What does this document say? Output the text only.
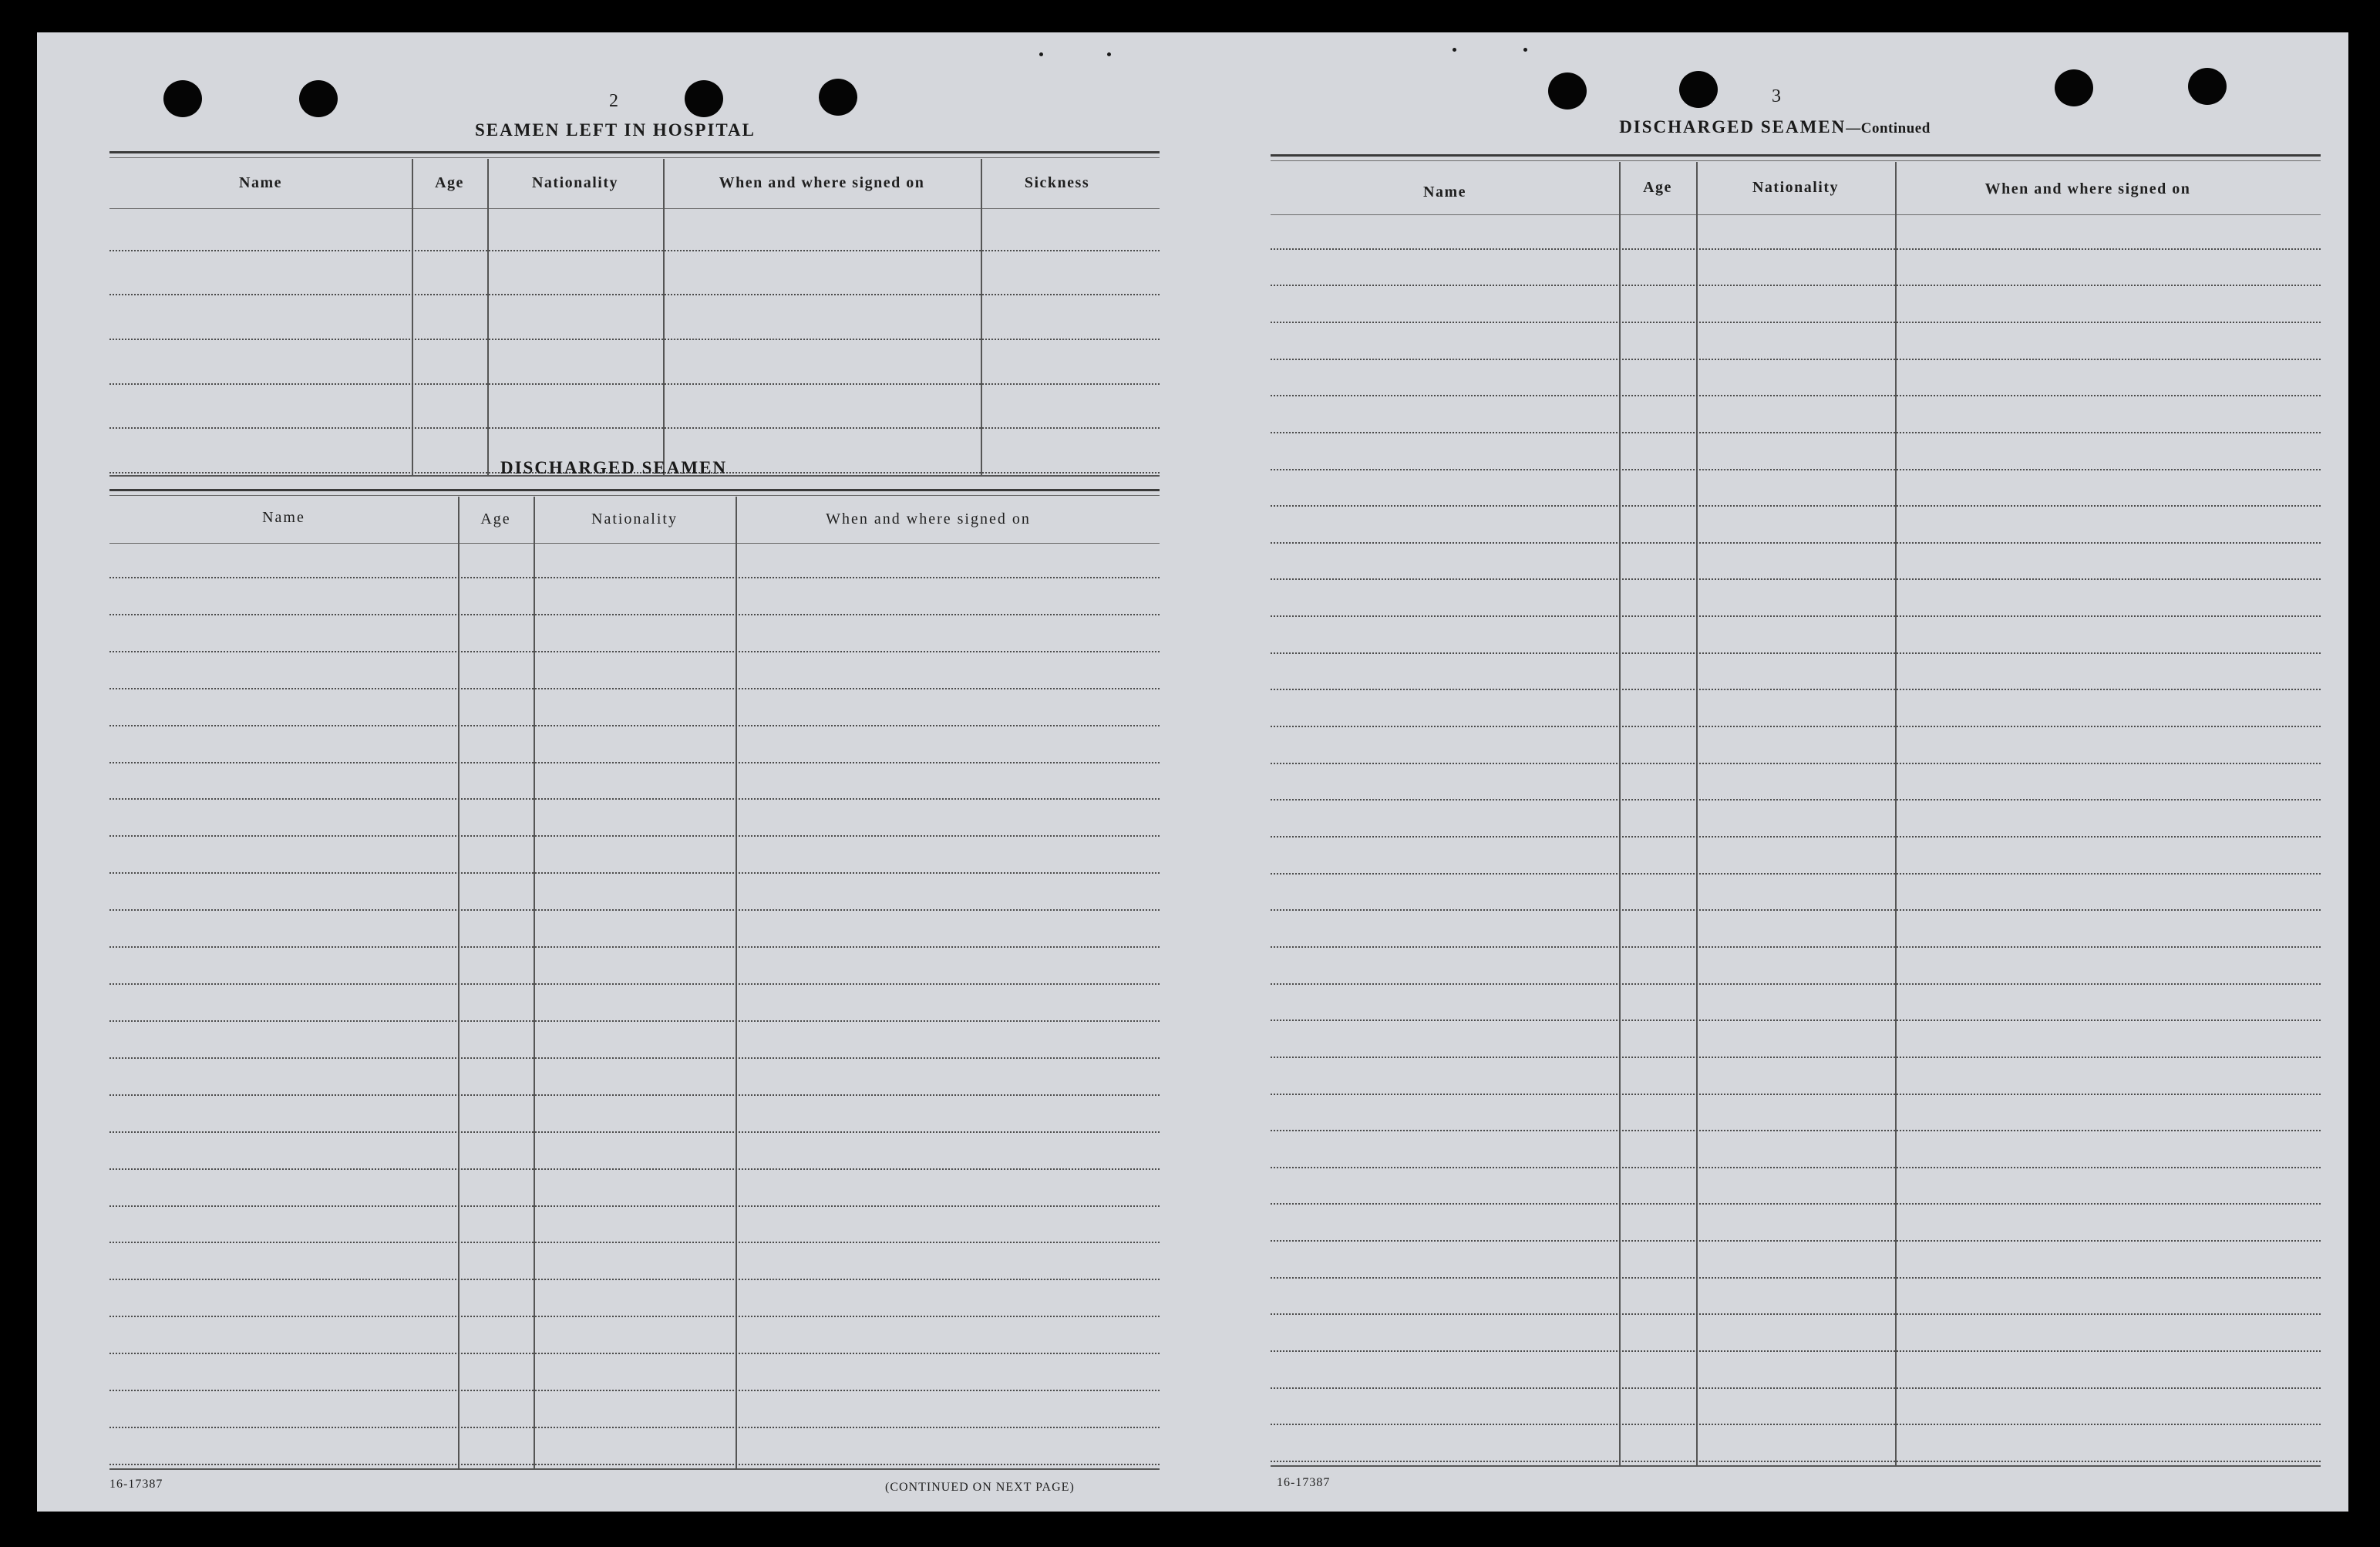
2
SEAMEN LEFT IN HOSPITAL
Name	Age	Nationality	When and where signed on	Sickness
DISCHARGED SEAMEN
Name	Age	Nationality	When and where signed on
16-17387	(CONTINUED ON NEXT PAGE)
3
DISCHARGED SEAMEN—Continued
Name	Age	Nationality	When and where signed on
16-17387
